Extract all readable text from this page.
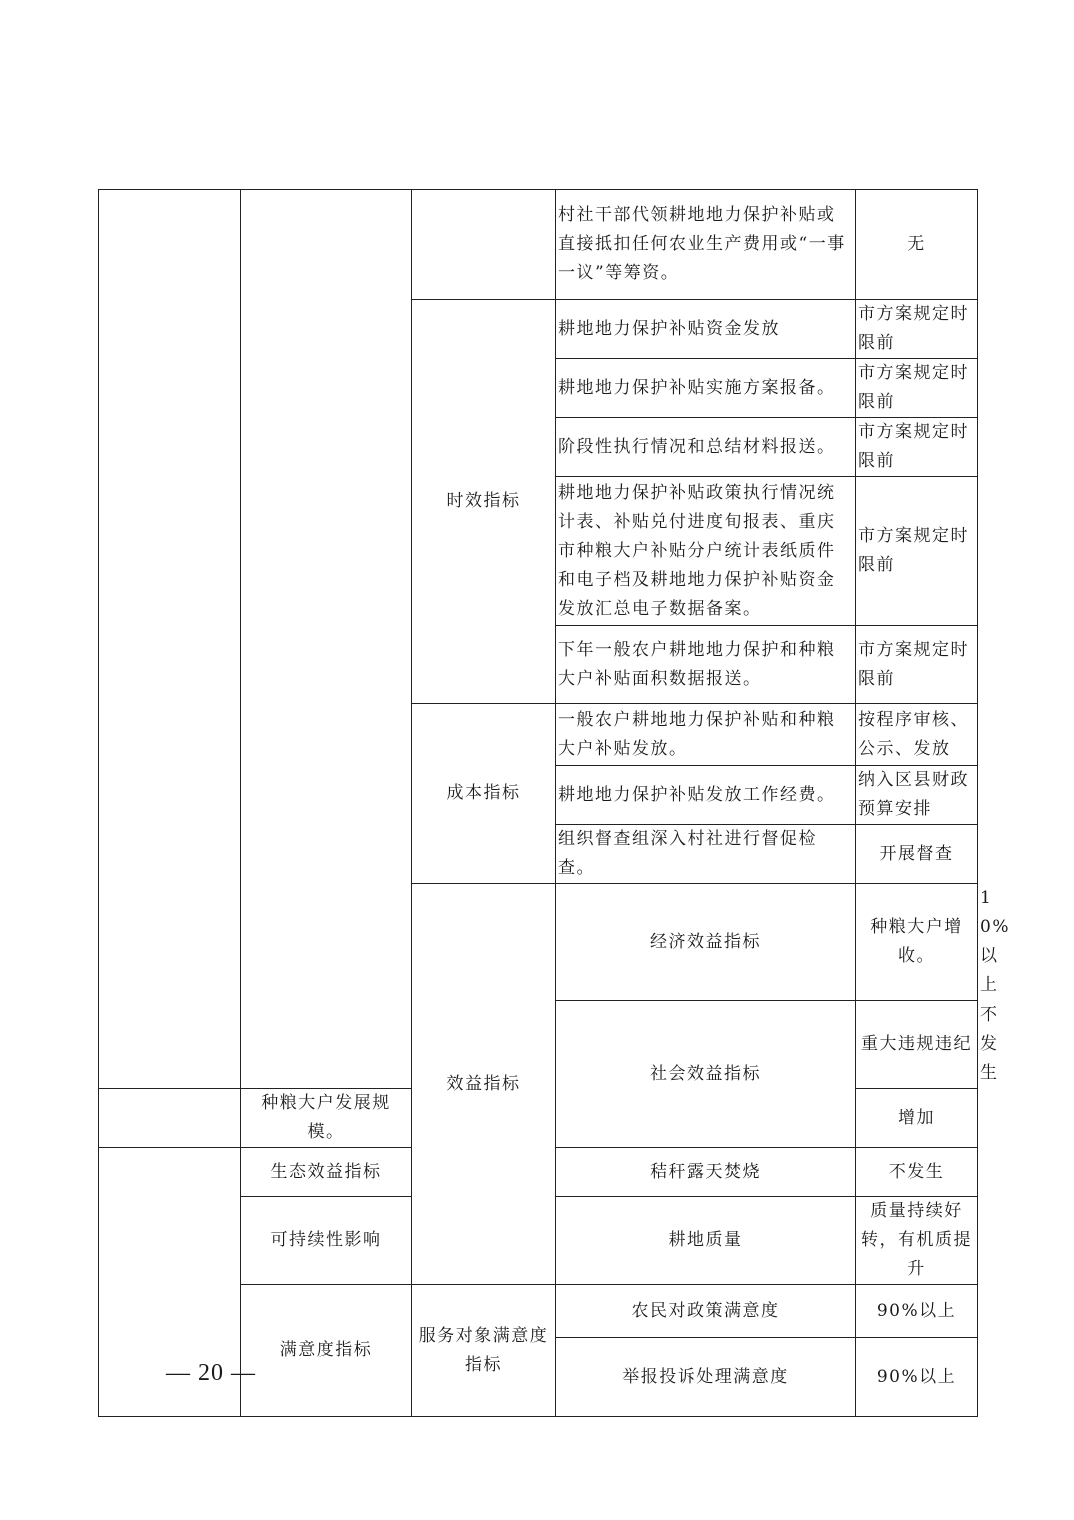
			村社干部代领耕地地力保护补贴或直接抵扣任何农业生产费用或“一事一议”等筹资。	无	
		时效指标	耕地地力保护补贴资金发放	市方案规定时限前	
			耕地地力保护补贴实施方案报备。	市方案规定时限前	
			阶段性执行情况和总结材料报送。	市方案规定时限前	
			耕地地力保护补贴政策执行情况统计表、补贴兑付进度旬报表、重庆市种粮大户补贴分户统计表纸质件和电子档及耕地地力保护补贴资金发放汇总电子数据备案。	市方案规定时限前	
			下年一般农户耕地地力保护和种粮大户补贴面积数据报送。	市方案规定时限前	
		成本指标	一般农户耕地地力保护补贴和种粮大户补贴发放。	按程序审核、公示、发放	
			耕地地力保护补贴发放工作经费。	纳入区县财政预算安排	
			组织督查组深入村社进行督促检查。	开展督查	
		效益指标	经济效益指标	种粮大户增收。	10%以上
			社会效益指标	重大违规违纪	不发生
	种粮大户发展规模。			增加	
	生态效益指标		秸秆露天焚烧	不发生	
	可持续性影响		耕地质量	质量持续好转，有机质提升	
	满意度指标	服务对象满意度指标	农民对政策满意度	90%以上	
			举报投诉处理满意度	90%以上	
— 20 —
